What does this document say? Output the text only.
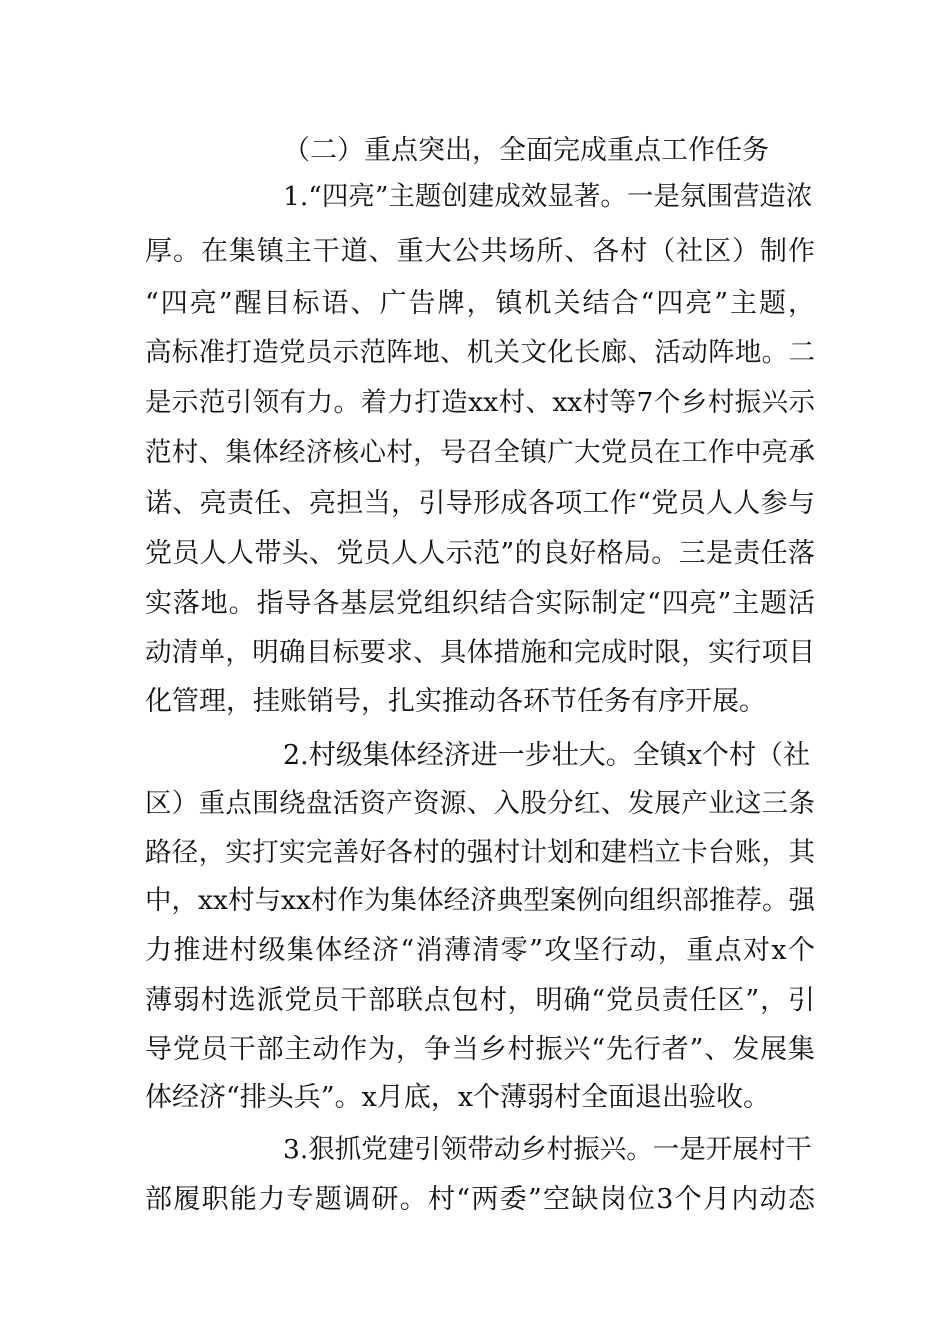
（二）重点突出，全面完成重点工作任务
1.“四亮”主题创建成效显著。一是氛围营造浓
厚。在集镇主干道、重大公共场所、各村（社区）制作
“四亮”醒目标语、广告牌，镇机关结合“四亮”主题，
高标准打造党员示范阵地、机关文化长廊、活动阵地。二
是示范引领有力。着力打造xx村、xx村等7个乡村振兴示
范村、集体经济核心村，号召全镇广大党员在工作中亮承
诺、亮责任、亮担当，引导形成各项工作“党员人人参与
党员人人带头、党员人人示范”的良好格局。三是责任落
实落地。指导各基层党组织结合实际制定“四亮”主题活
动清单，明确目标要求、具体措施和完成时限，实行项目
化管理，挂账销号，扎实推动各环节任务有序开展。
2.村级集体经济进一步壮大。全镇x个村（社
区）重点围绕盘活资产资源、入股分红、发展产业这三条
路径，实打实完善好各村的强村计划和建档立卡台账，其
中，xx村与xx村作为集体经济典型案例向组织部推荐。强
力推进村级集体经济“消薄清零”攻坚行动，重点对x个
薄弱村选派党员干部联点包村，明确“党员责任区”，引
导党员干部主动作为，争当乡村振兴“先行者”、发展集
体经济“排头兵”。x月底，x个薄弱村全面退出验收。
3.狠抓党建引领带动乡村振兴。一是开展村干
部履职能力专题调研。村“两委”空缺岗位3个月内动态
